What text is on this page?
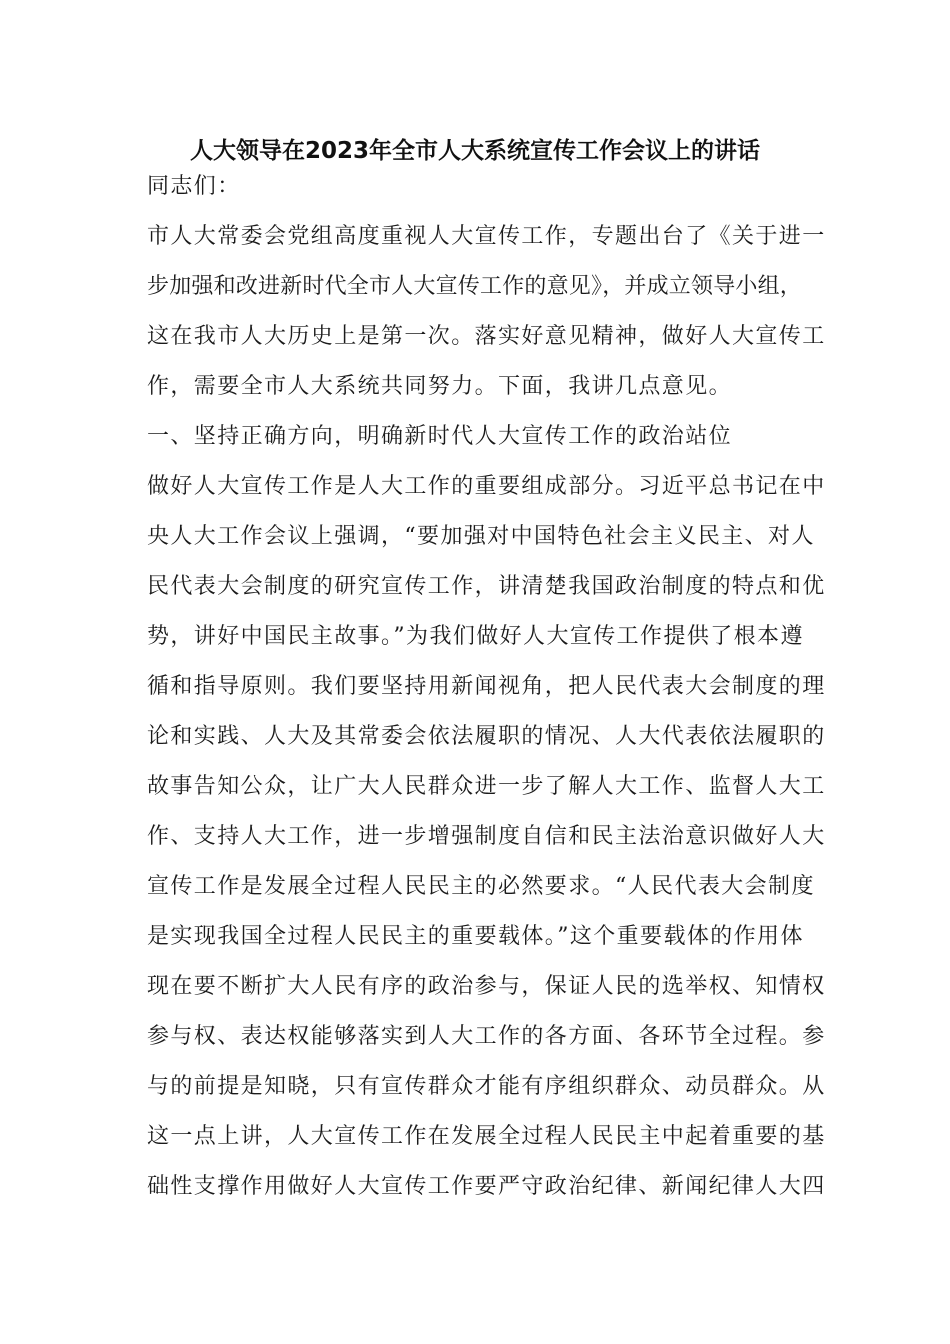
人大领导在2023年全市人大系统宣传工作会议上的讲话
同志们：
市人大常委会党组高度重视人大宣传工作，专题出台了《关于进一
步加强和改进新时代全市人大宣传工作的意见》，并成立领导小组，
这在我市人大历史上是第一次。落实好意见精神，做好人大宣传工
作，需要全市人大系统共同努力。下面，我讲几点意见。
一、坚持正确方向，明确新时代人大宣传工作的政治站位
做好人大宣传工作是人大工作的重要组成部分。习近平总书记在中
央人大工作会议上强调，“要加强对中国特色社会主义民主、对人
民代表大会制度的研究宣传工作，讲清楚我国政治制度的特点和优
势，讲好中国民主故事。”为我们做好人大宣传工作提供了根本遵
循和指导原则。我们要坚持用新闻视角，把人民代表大会制度的理
论和实践、人大及其常委会依法履职的情况、人大代表依法履职的
故事告知公众，让广大人民群众进一步了解人大工作、监督人大工
作、支持人大工作，进一步增强制度自信和民主法治意识做好人大
宣传工作是发展全过程人民民主的必然要求。“人民代表大会制度
是实现我国全过程人民民主的重要载体。”这个重要载体的作用体
现在要不断扩大人民有序的政治参与，保证人民的选举权、知情权
参与权、表达权能够落实到人大工作的各方面、各环节全过程。参
与的前提是知晓，只有宣传群众才能有序组织群众、动员群众。从
这一点上讲，人大宣传工作在发展全过程人民民主中起着重要的基
础性支撑作用做好人大宣传工作要严守政治纪律、新闻纪律人大四
